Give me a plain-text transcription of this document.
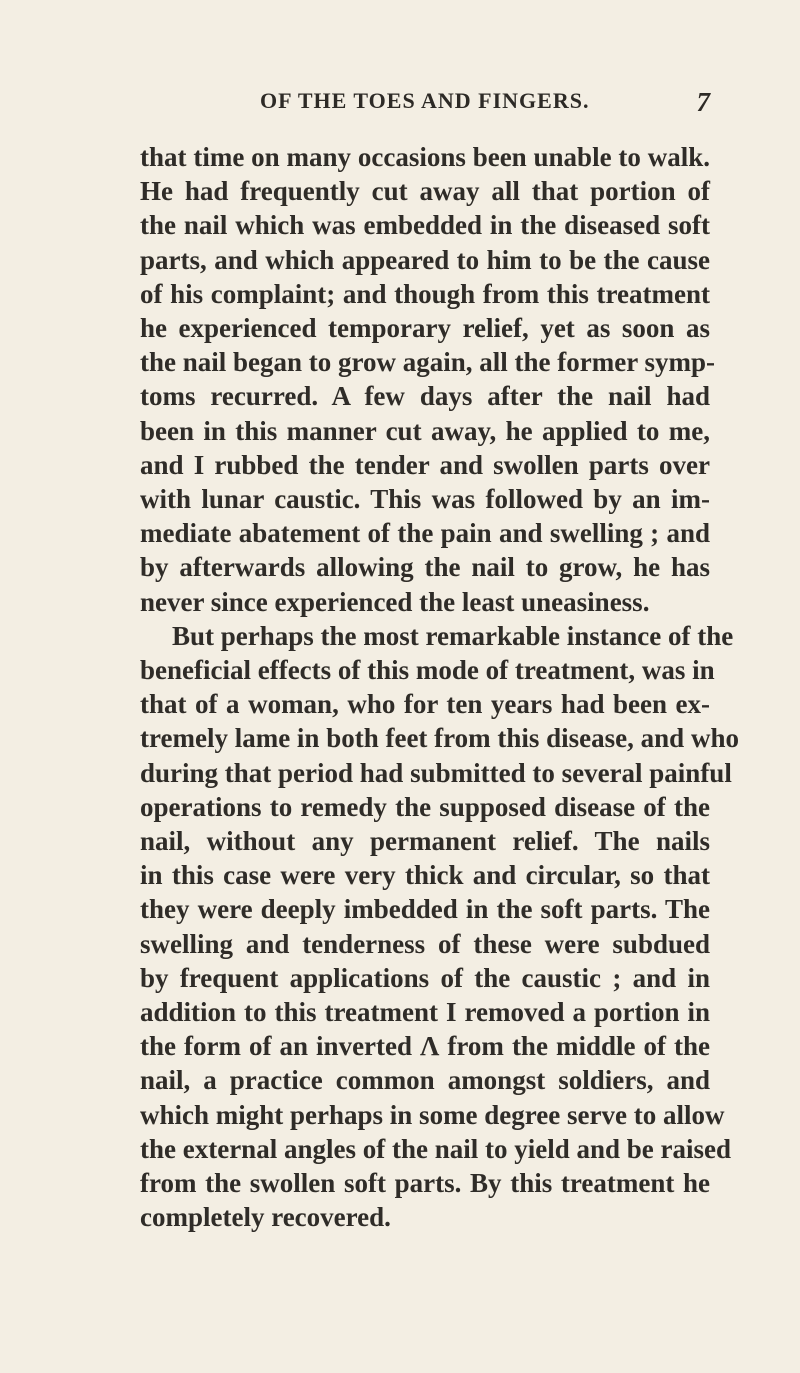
OF THE TOES AND FINGERS.	7
that time on many occasions been unable to walk.
He had frequently cut away all that portion of
the nail which was embedded in the diseased soft
parts, and which appeared to him to be the cause
of his complaint; and though from this treatment
he experienced temporary relief, yet as soon as
the nail began to grow again, all the former symp-
toms recurred. A few days after the nail had
been in this manner cut away, he applied to me,
and I rubbed the tender and swollen parts over
with lunar caustic. This was followed by an im-
mediate abatement of the pain and swelling ; and
by afterwards allowing the nail to grow, he has
never since experienced the least uneasiness.
But perhaps the most remarkable instance of the
beneficial effects of this mode of treatment, was in
that of a woman, who for ten years had been ex-
tremely lame in both feet from this disease, and who
during that period had submitted to several painful
operations to remedy the supposed disease of the
nail, without any permanent relief. The nails
in this case were very thick and circular, so that
they were deeply imbedded in the soft parts. The
swelling and tenderness of these were subdued
by frequent applications of the caustic ; and in
addition to this treatment I removed a portion in
the form of an inverted Λ from the middle of the
nail, a practice common amongst soldiers, and
which might perhaps in some degree serve to allow
the external angles of the nail to yield and be raised
from the swollen soft parts. By this treatment he
completely recovered.
